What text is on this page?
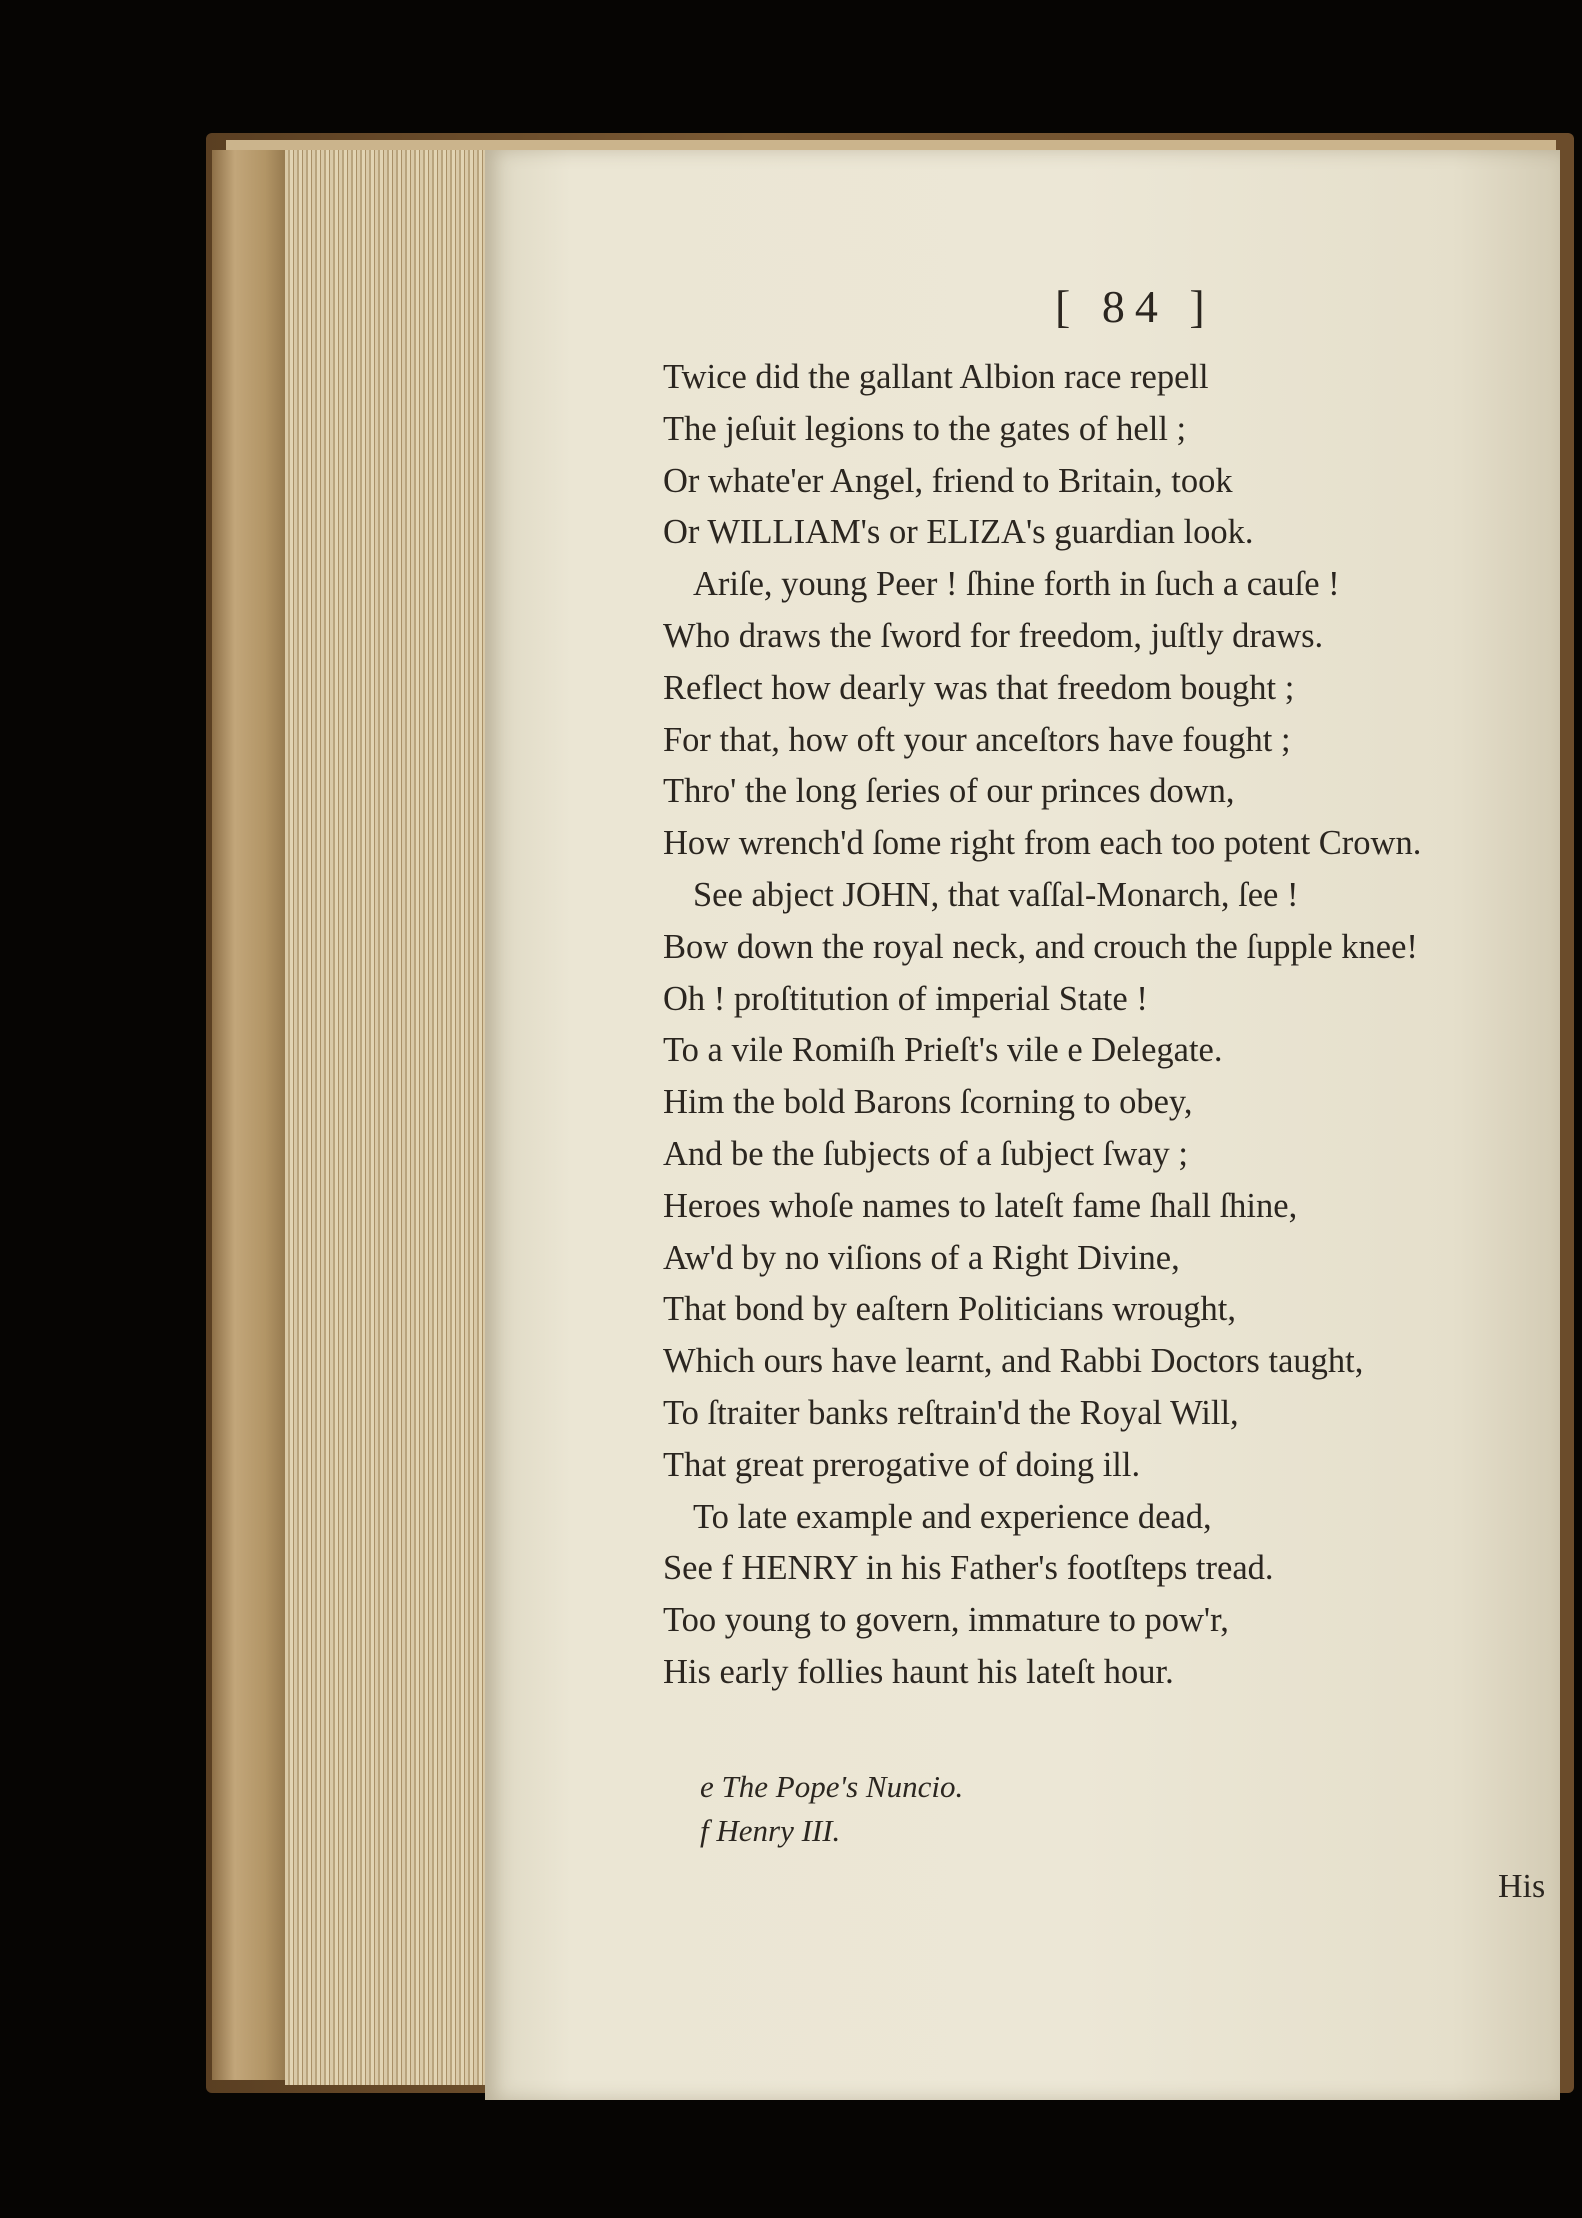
[ 84 ]

Twice did the gallant Albion race repell
The jeſuit legions to the gates of hell ;
Or whate'er Angel, friend to Britain, took
Or WILLIAM's or ELIZA's guardian look.
Ariſe, young Peer ! ſhine forth in ſuch a cauſe !
Who draws the ſword for freedom, juſtly draws.
Reflect how dearly was that freedom bought ;
For that, how oft your anceſtors have fought ;
Thro' the long ſeries of our princes down,
How wrench'd ſome right from each too potent Crown.
See abject JOHN, that vaſſal-Monarch, ſee !
Bow down the royal neck, and crouch the ſupple knee!
Oh ! proſtitution of imperial State !
To a vile Romiſh Prieſt's vile e Delegate.
Him the bold Barons ſcorning to obey,
And be the ſubjects of a ſubject ſway ;
Heroes whoſe names to lateſt fame ſhall ſhine,
Aw'd by no viſions of a Right Divine,
That bond by eaſtern Politicians wrought,
Which ours have learnt, and Rabbi Doctors taught,
To ſtraiter banks reſtrain'd the Royal Will,
That great prerogative of doing ill.
To late example and experience dead,
See f HENRY in his Father's footſteps tread.
Too young to govern, immature to pow'r,
His early follies haunt his lateſt hour.
e The Pope's Nuncio.
f Henry III.

His
